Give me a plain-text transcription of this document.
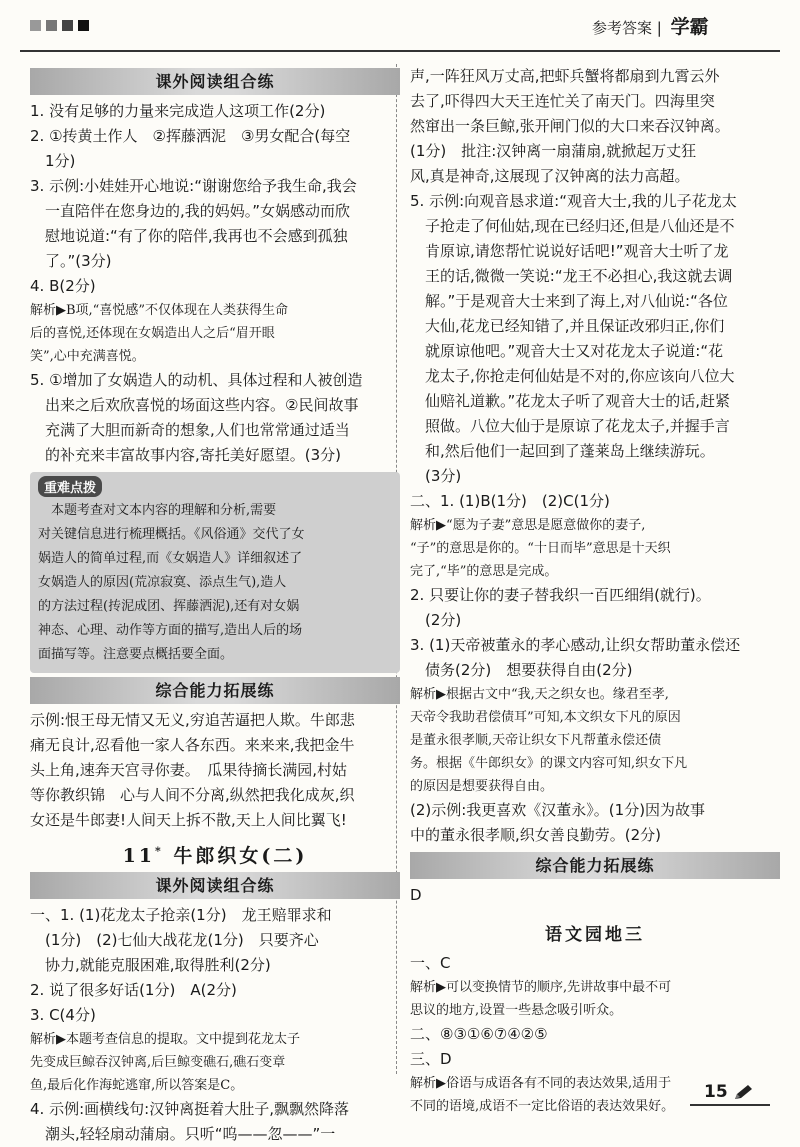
参考答案 | 学霸
课外阅读组合练

1. 没有足够的力量来完成造人这项工作(2分)

2. ①抟黄土作人　②挥藤洒泥　③男女配合(每空

　1分)

3. 示例:小娃娃开心地说:“谢谢您给予我生命,我会

　一直陪伴在您身边的,我的妈妈。”女娲感动而欣

　慰地说道:“有了你的陪伴,我再也不会感到孤独

　了。”(3分)

4. B(2分)

解析▶B项,“喜悦感”不仅体现在人类获得生命

后的喜悦,还体现在女娲造出人之后“眉开眼

笑”,心中充满喜悦。

5. ①增加了女娲造人的动机、具体过程和人被创造

　出来之后欢欣喜悦的场面这些内容。②民间故事

　充满了大胆而新奇的想象,人们也常常通过适当

　的补充来丰富故事内容,寄托美好愿望。(3分)

重难点拨

　本题考查对文本内容的理解和分析,需要

对关键信息进行梳理概括。《风俗通》交代了女

娲造人的简单过程,而《女娲造人》详细叙述了

女娲造人的原因(荒凉寂寞、添点生气),造人

的方法过程(抟泥成团、挥藤洒泥),还有对女娲

神态、心理、动作等方面的描写,造出人后的场

面描写等。注意要点概括要全面。

综合能力拓展练

示例:恨王母无情又无义,穷追苦逼把人欺。牛郎悲

痛无良计,忍看他一家人各东西。来来来,我把金牛

头上角,速奔天宫寻你妻。　瓜果待摘长满园,村姑

等你教织锦　心与人间不分离,纵然把我化成灰,织

女还是牛郎妻!人间天上拆不散,天上人间比翼飞!

11* 牛郎织女(二)
课外阅读组合练

一、1. (1)花龙太子抢亲(1分)　龙王赔罪求和

　(1分)　(2)七仙大战花龙(1分)　只要齐心

　协力,就能克服困难,取得胜利(2分)

2. 说了很多好话(1分)　A(2分)

3. C(4分)

解析▶本题考查信息的提取。文中提到花龙太子

先变成巨鲸吞汉钟离,后巨鲸变礁石,礁石变章

鱼,最后化作海蛇逃窜,所以答案是C。

4. 示例:画横线句:汉钟离挺着大肚子,飘飘然降落

　潮头,轻轻扇动蒲扇。只听“呜——忽——”一

声,一阵狂风万丈高,把虾兵蟹将都扇到九霄云外

去了,吓得四大天王连忙关了南天门。四海里突

然窜出一条巨鲸,张开闸门似的大口来吞汉钟离。

(1分)　批注:汉钟离一扇蒲扇,就掀起万丈狂

风,真是神奇,这展现了汉钟离的法力高超。

5. 示例:向观音恳求道:“观音大士,我的儿子花龙太

　子抢走了何仙姑,现在已经归还,但是八仙还是不

　肯原谅,请您帮忙说说好话吧!”观音大士听了龙

　王的话,微微一笑说:“龙王不必担心,我这就去调

　解。”于是观音大士来到了海上,对八仙说:“各位

　大仙,花龙已经知错了,并且保证改邪归正,你们

　就原谅他吧。”观音大士又对花龙太子说道:“花

　龙太子,你抢走何仙姑是不对的,你应该向八位大

　仙赔礼道歉。”花龙太子听了观音大士的话,赶紧

　照做。八位大仙于是原谅了花龙太子,并握手言

　和,然后他们一起回到了蓬莱岛上继续游玩。

　(3分)

二、1. (1)B(1分)　(2)C(1分)

解析▶“愿为子妻”意思是愿意做你的妻子,

“子”的意思是你的。“十日而毕”意思是十天织

完了,“毕”的意思是完成。

2. 只要让你的妻子替我织一百匹细绢(就行)。

　(2分)

3. (1)天帝被董永的孝心感动,让织女帮助董永偿还

　债务(2分)　想要获得自由(2分)

解析▶根据古文中“我,天之织女也。缘君至孝,

天帝令我助君偿债耳”可知,本文织女下凡的原因

是董永很孝顺,天帝让织女下凡帮董永偿还债

务。根据《牛郎织女》的课文内容可知,织女下凡

的原因是想要获得自由。

(2)示例:我更喜欢《汉董永》。(1分)因为故事

中的董永很孝顺,织女善良勤劳。(2分)

综合能力拓展练

D

语文园地三

一、C

解析▶可以变换情节的顺序,先讲故事中最不可

思议的地方,设置一些悬念吸引听众。

二、⑧③①⑥⑦④②⑤

三、D

解析▶俗语与成语各有不同的表达效果,适用于

不同的语境,成语不一定比俗语的表达效果好。

15
